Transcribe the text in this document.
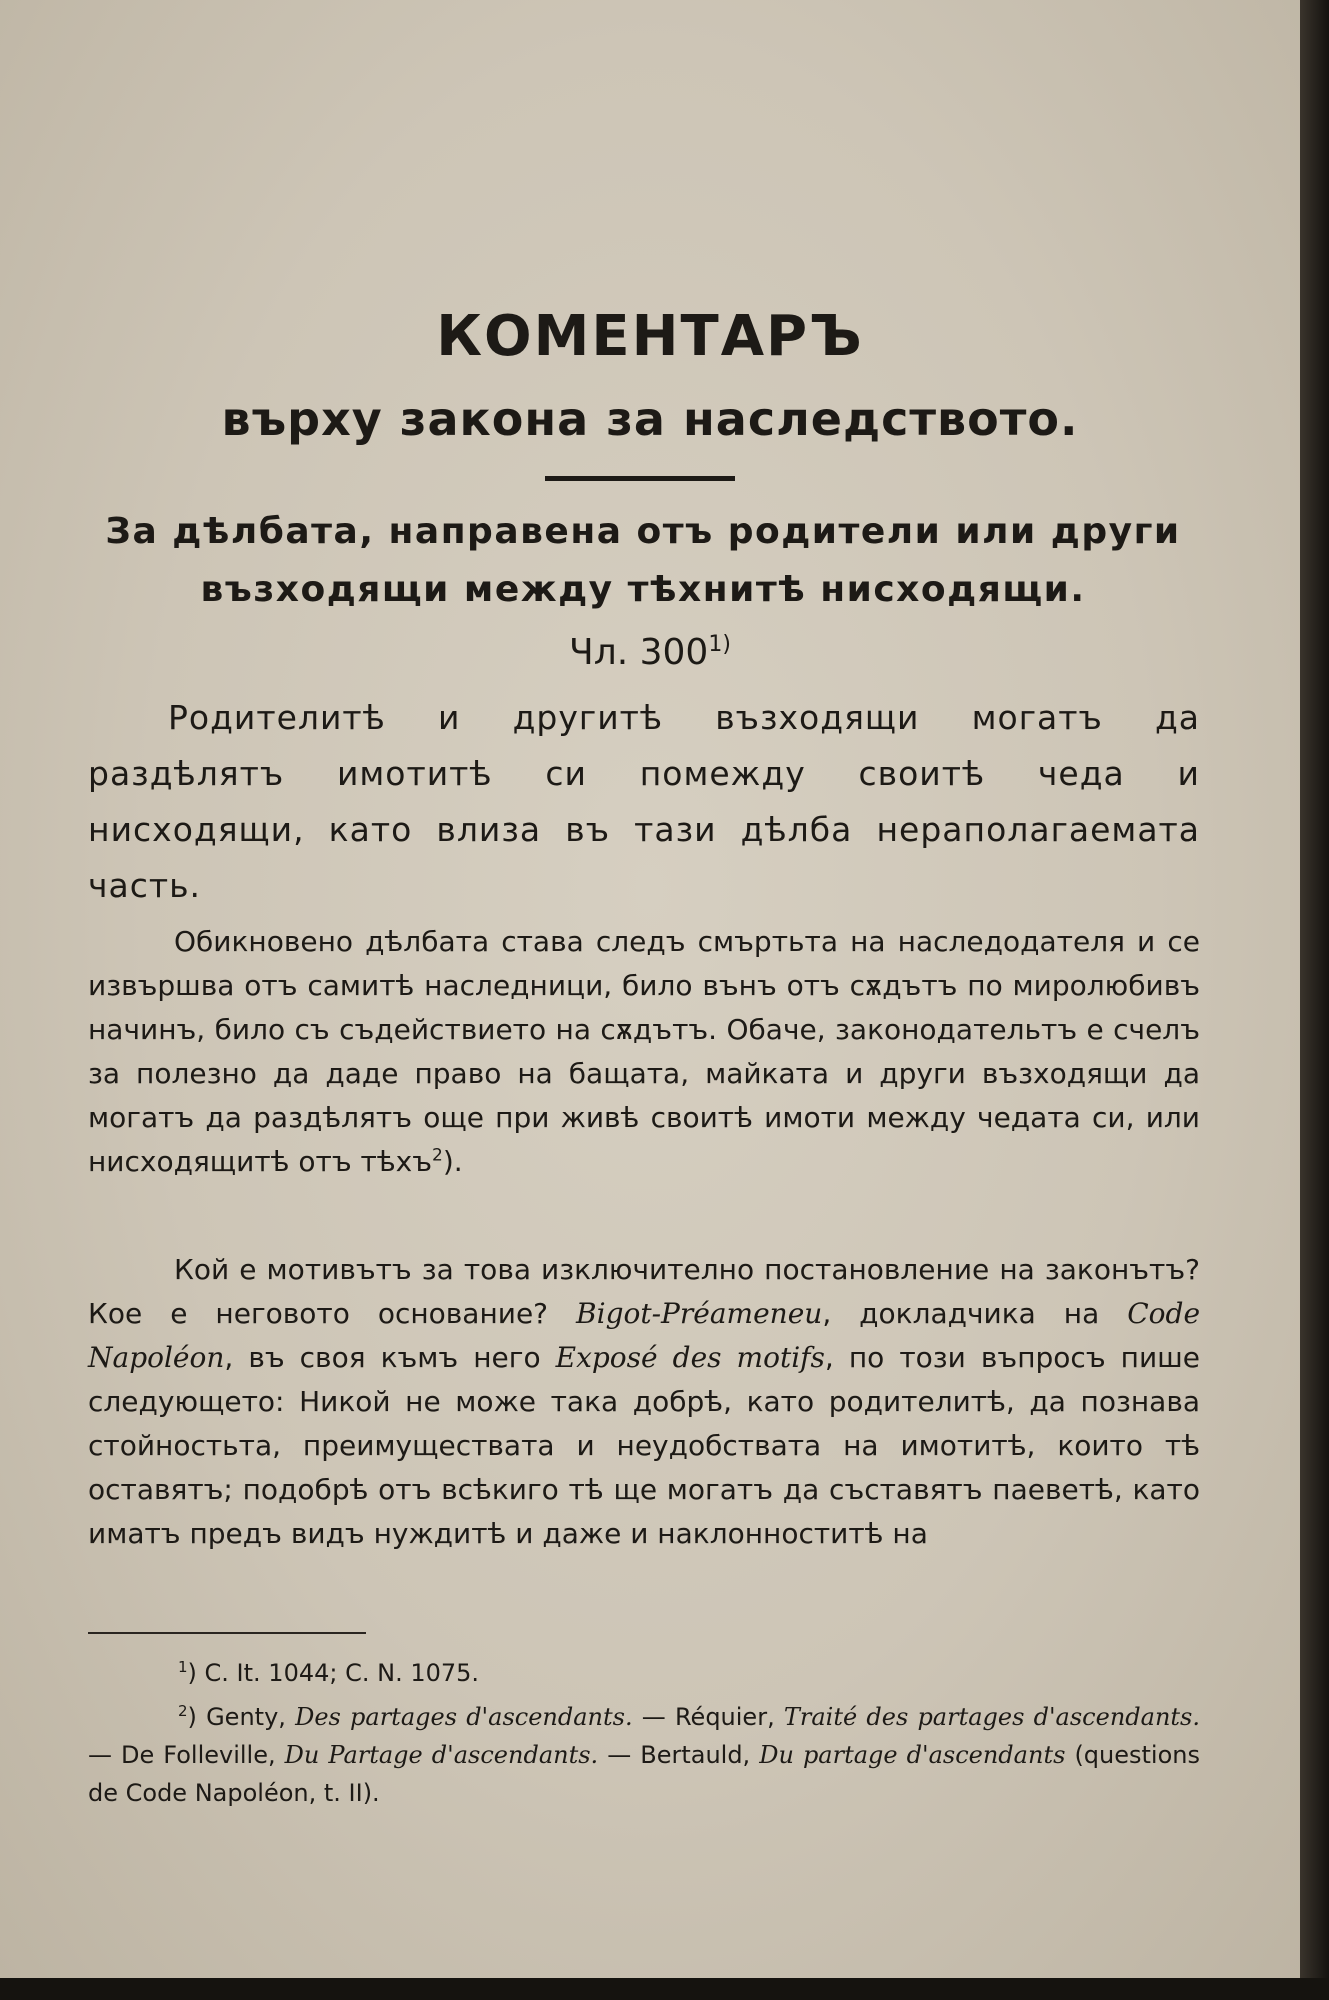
КОМЕНТАРЪ
върху закона за наследството.
За дѣлбата, направена отъ родители или други възходящи между тѣхнитѣ нисходящи.
Чл. 300$^{1)}$

Родителитѣ и другитѣ възходящи могатъ да раздѣлятъ имотитѣ си помежду своитѣ чеда и нисходящи, като влиза въ тази дѣлба нераполагаемата часть.

Обикновено дѣлбата става следъ смъртьта на наследодателя и се извършва отъ самитѣ наследници, било вънъ отъ сѫдътъ по миролюбивъ начинъ, било съ съдействието на сѫдътъ. Обаче, законодательтъ е счелъ за полезно да даде право на бащата, майката и други възходящи да могатъ да раздѣлятъ още при живѣ своитѣ имоти между чедата си, или нисходящитѣ отъ тѣхъ$^2$).

Кой е мотивътъ за това изключително постановление на законътъ? Кое е неговото основание? Bigot-Préameneu, докладчика на Code Napoléon, въ своя къмъ него Exposé des motifs, по този въпросъ пише следующето: Никой не може така добрѣ, като родителитѣ, да познава стойностьта, преимуществата и неудобствата на имотитѣ, които тѣ оставятъ; подобрѣ отъ всѣкиго тѣ ще могатъ да съставятъ паеветѣ, като иматъ предъ видъ нуждитѣ и даже и наклонноститѣ на

$^1$) C. It. 1044; C. N. 1075.

$^2$) Genty, Des partages d'ascendants. — Réquier, Traité des partages d'ascendants. — De Folleville, Du Partage d'ascendants. — Bertauld, Du partage d'ascendants (questions de Code Napoléon, t. II).
